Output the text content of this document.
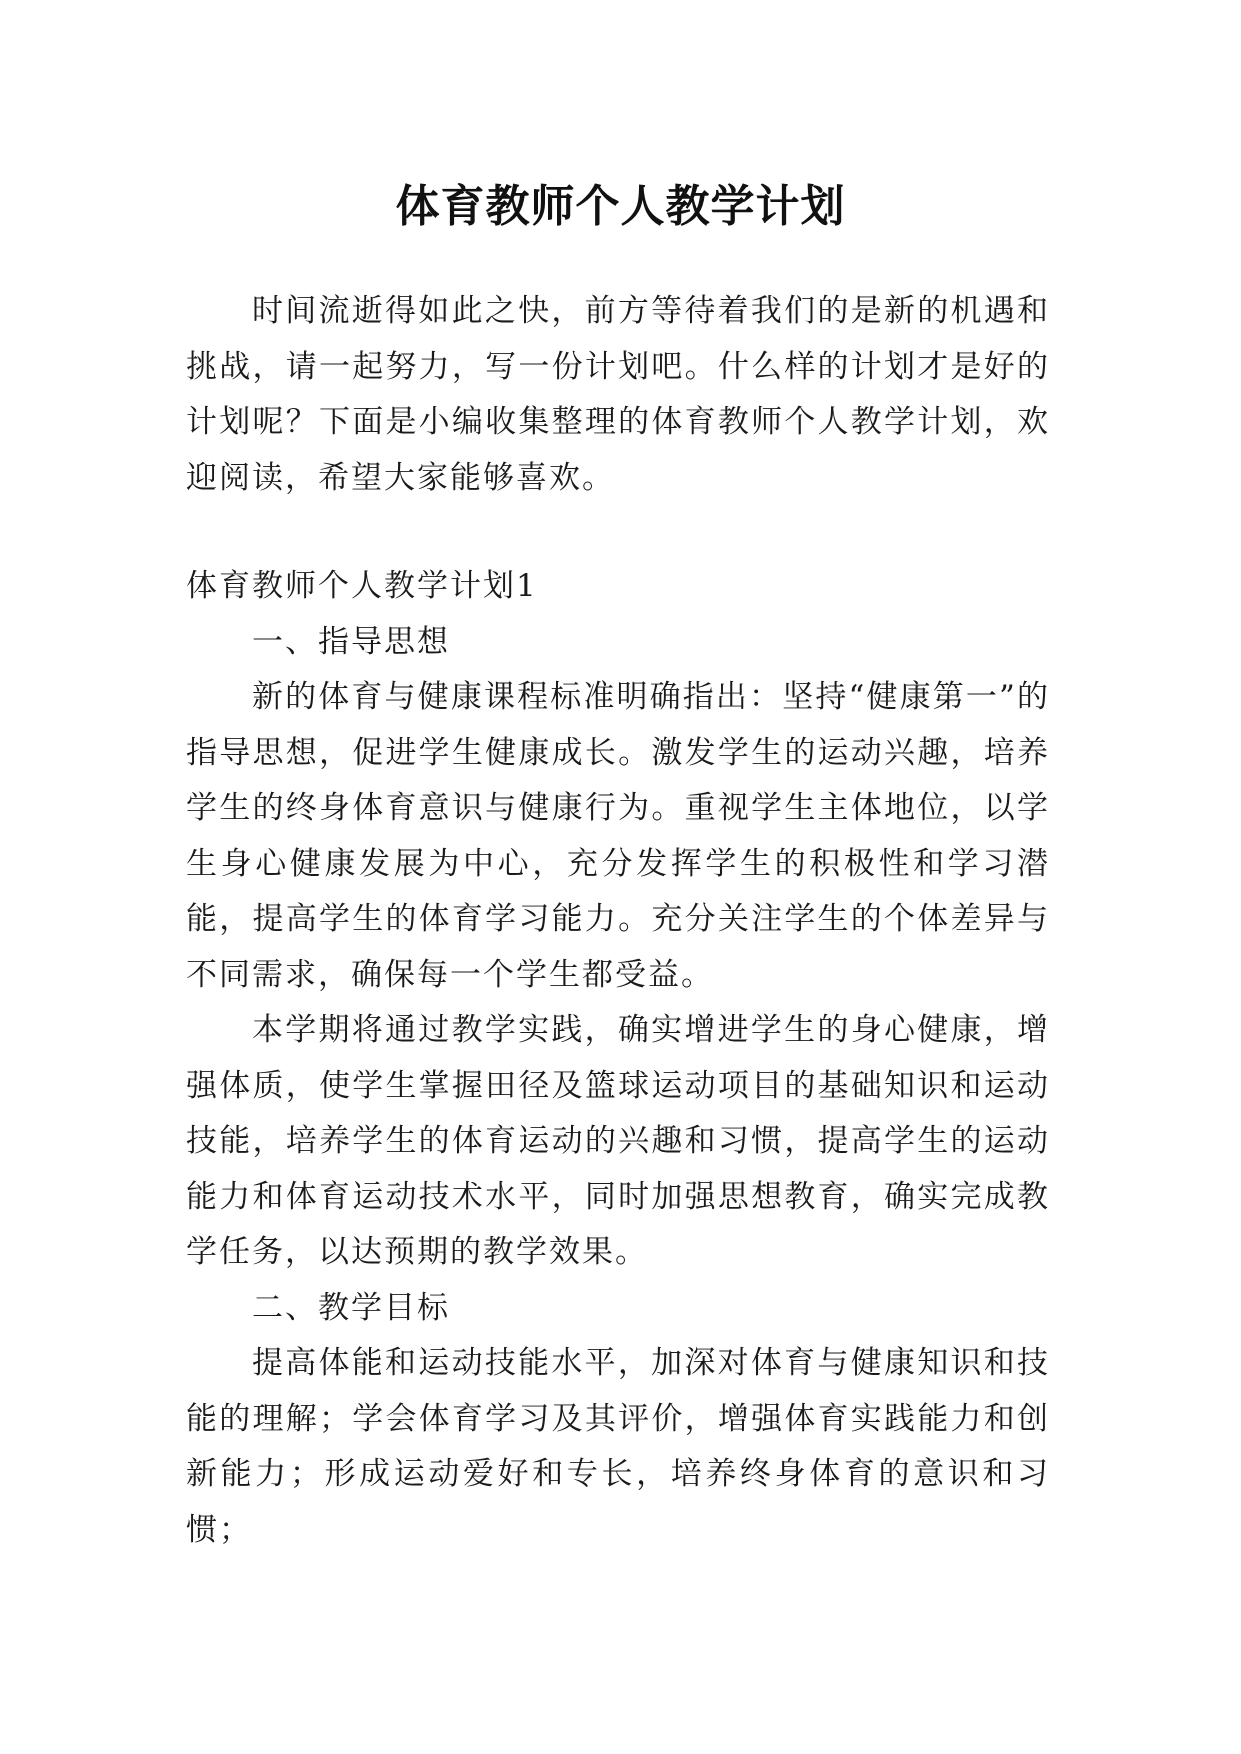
体育教师个人教学计划

时间流逝得如此之快，前方等待着我们的是新的机遇和挑战，请一起努力，写一份计划吧。什么样的计划才是好的计划呢？下面是小编收集整理的体育教师个人教学计划，欢迎阅读，希望大家能够喜欢。

体育教师个人教学计划1

一、指导思想

新的体育与健康课程标准明确指出：坚持“健康第一”的指导思想，促进学生健康成长。激发学生的运动兴趣，培养学生的终身体育意识与健康行为。重视学生主体地位，以学生身心健康发展为中心，充分发挥学生的积极性和学习潜能，提高学生的体育学习能力。充分关注学生的个体差异与不同需求，确保每一个学生都受益。

本学期将通过教学实践，确实增进学生的身心健康，增强体质，使学生掌握田径及篮球运动项目的基础知识和运动技能，培养学生的体育运动的兴趣和习惯，提高学生的运动能力和体育运动技术水平，同时加强思想教育，确实完成教学任务，以达预期的教学效果。

二、教学目标

提高体能和运动技能水平，加深对体育与健康知识和技能的理解；学会体育学习及其评价，增强体育实践能力和创新能力；形成运动爱好和专长，培养终身体育的意识和习惯；
